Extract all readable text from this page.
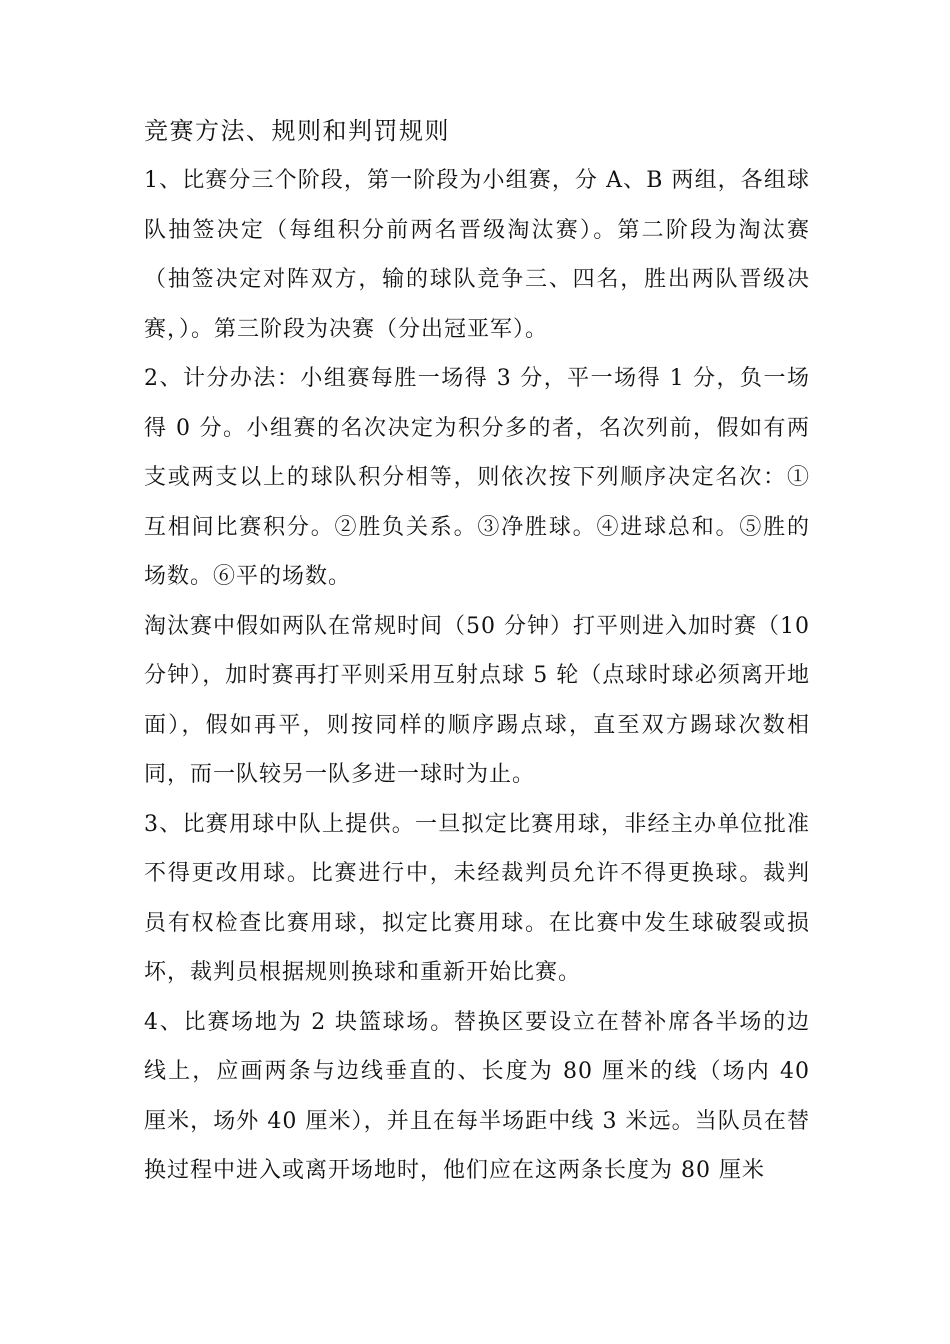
竞赛方法、规则和判罚规则

1、比赛分三个阶段，第一阶段为小组赛，分 A、B 两组，各组球队抽签决定（每组积分前两名晋级淘汰赛）。第二阶段为淘汰赛（抽签决定对阵双方，输的球队竞争三、四名，胜出两队晋级决赛，）。第三阶段为决赛（分出冠亚军）。

2、计分办法：小组赛每胜一场得 3 分，平一场得 1 分，负一场得 0 分。小组赛的名次决定为积分多的者，名次列前，假如有两支或两支以上的球队积分相等，则依次按下列顺序决定名次：①互相间比赛积分。②胜负关系。③净胜球。④进球总和。⑤胜的场数。⑥平的场数。

淘汰赛中假如两队在常规时间（50 分钟）打平则进入加时赛（10 分钟），加时赛再打平则采用互射点球 5 轮（点球时球必须离开地面），假如再平，则按同样的顺序踢点球，直至双方踢球次数相同，而一队较另一队多进一球时为止。

3、比赛用球中队上提供。一旦拟定比赛用球，非经主办单位批准不得更改用球。比赛进行中，未经裁判员允许不得更换球。裁判员有权检查比赛用球，拟定比赛用球。在比赛中发生球破裂或损坏，裁判员根据规则换球和重新开始比赛。

4、比赛场地为 2 块篮球场。替换区要设立在替补席各半场的边线上，应画两条与边线垂直的、长度为 80 厘米的线（场内 40 厘米，场外 40 厘米），并且在每半场距中线 3 米远。当队员在替换过程中进入或离开场地时，他们应在这两条长度为 80 厘米
